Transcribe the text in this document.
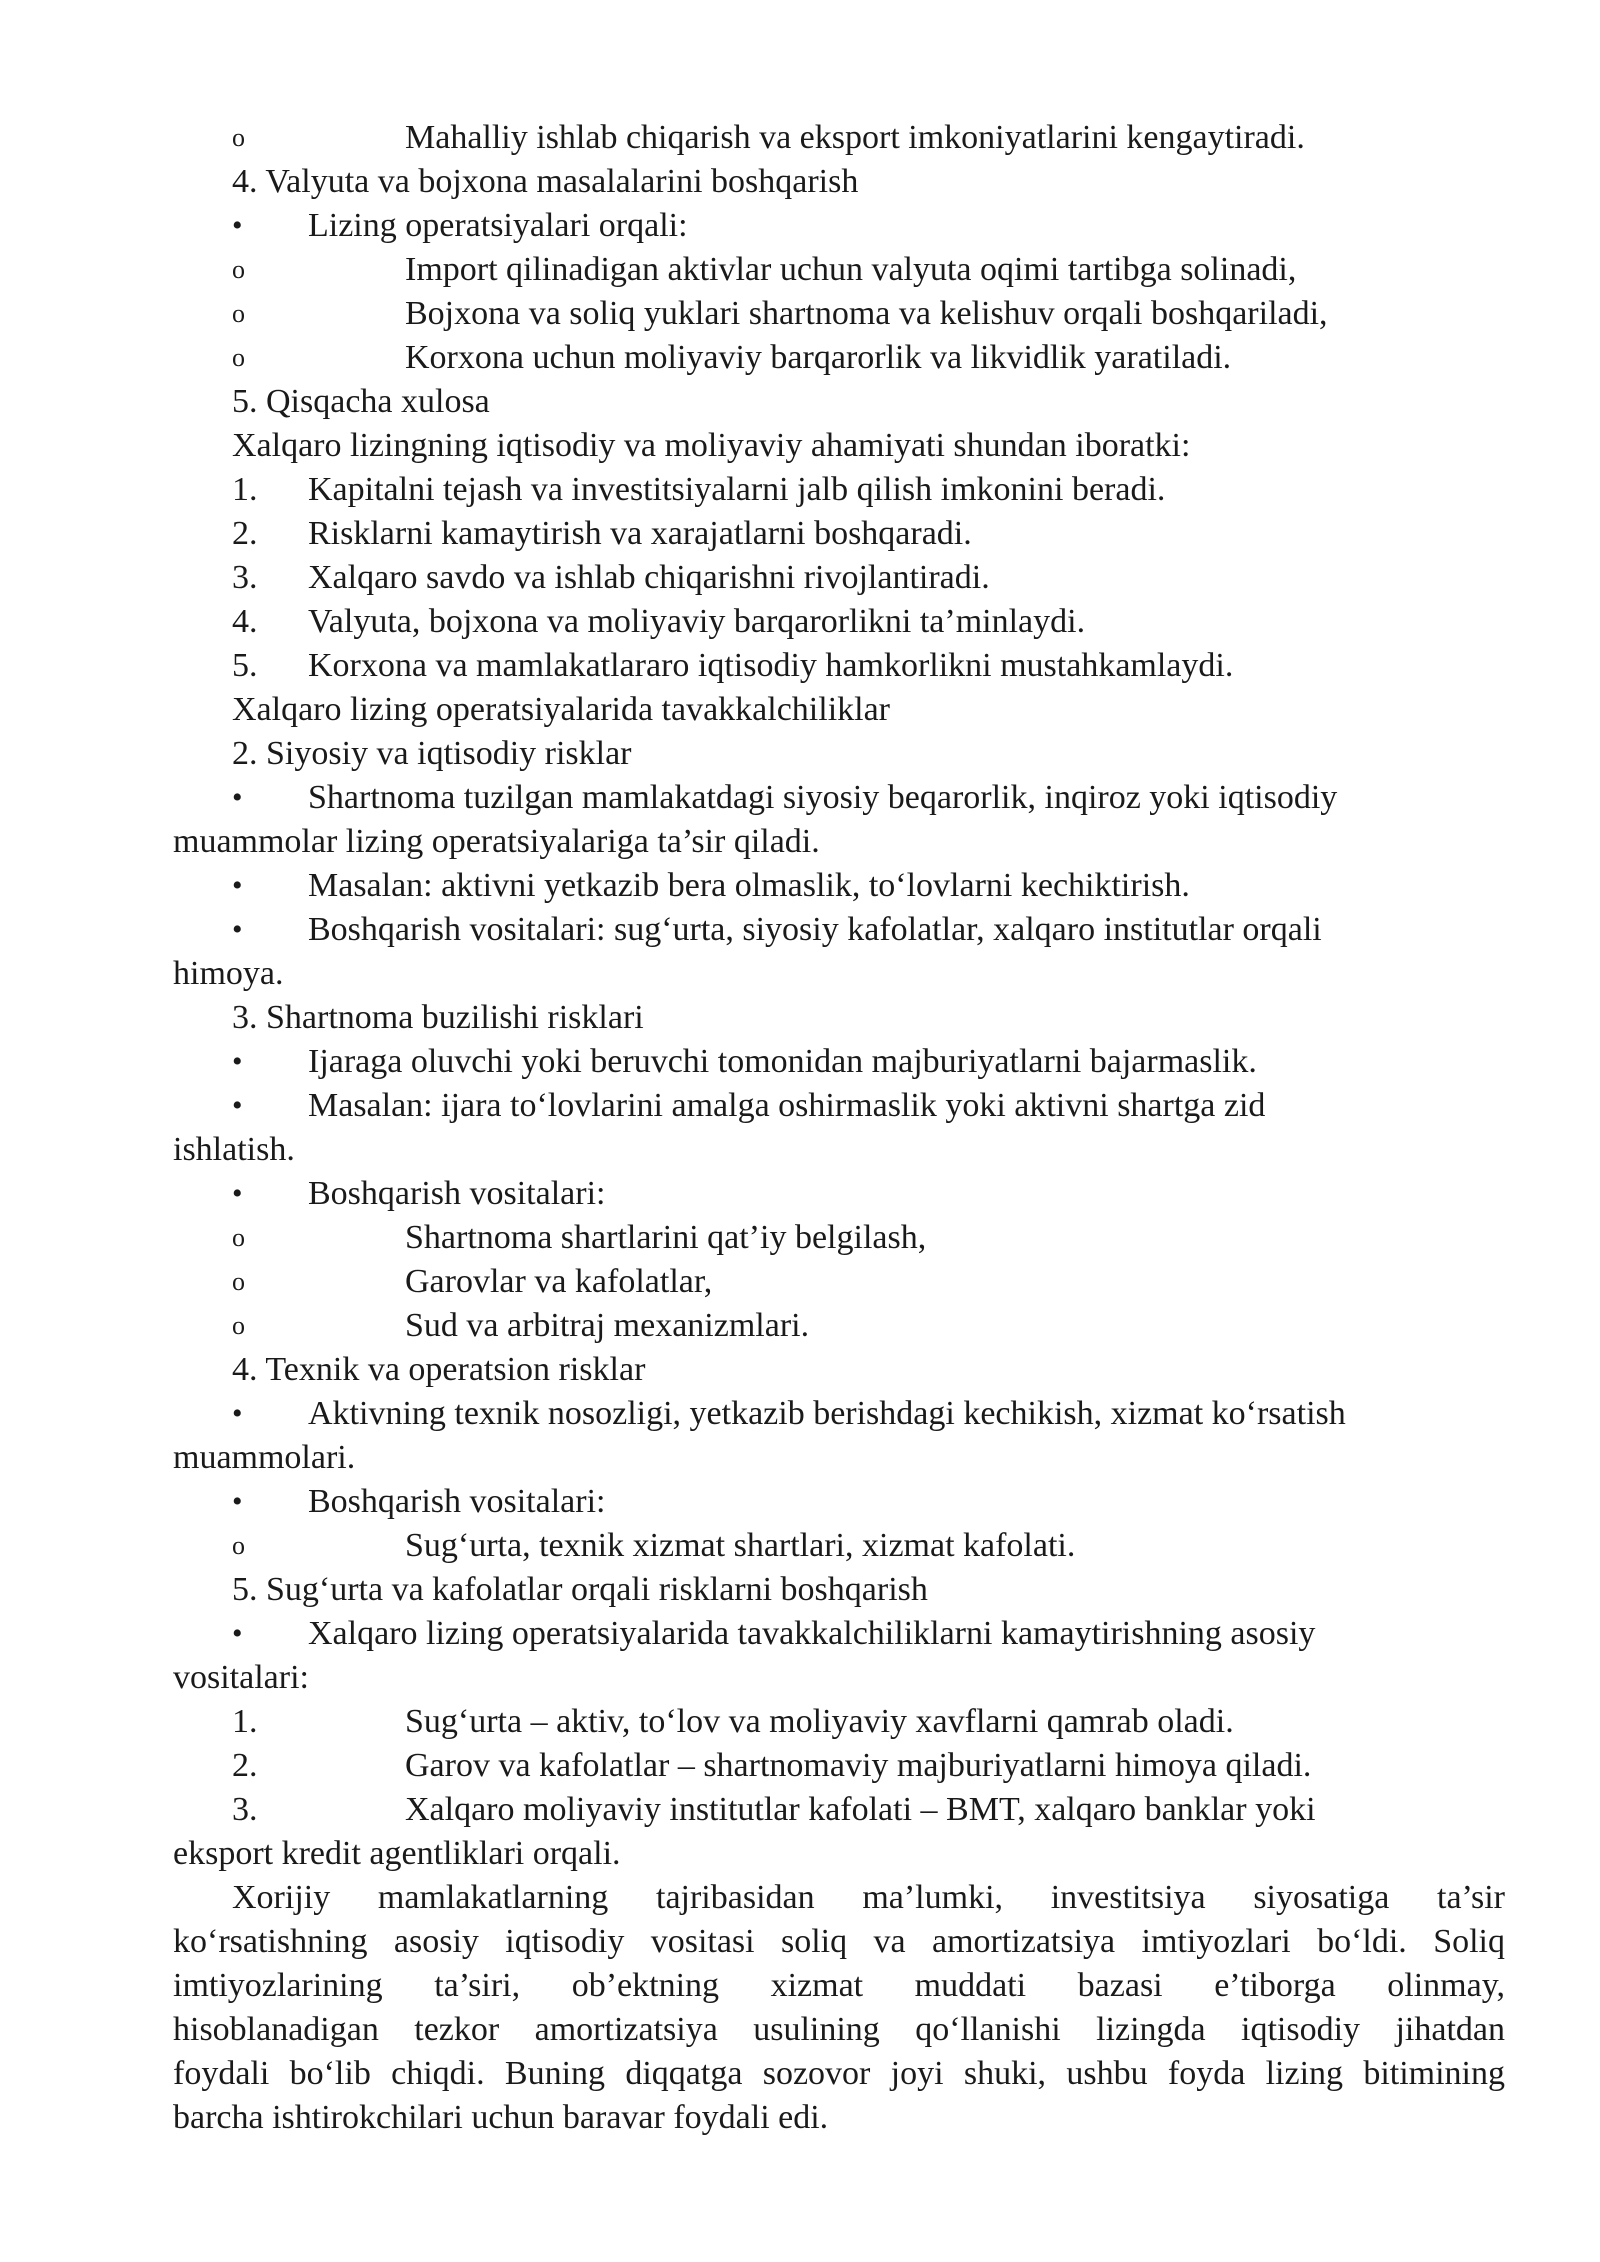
o	Mahalliy ishlab chiqarish va eksport imkoniyatlarini kengaytiradi.
4. Valyuta va bojxona masalalarini boshqarish
• Lizing operatsiyalari orqali:
o	Import qilinadigan aktivlar uchun valyuta oqimi tartibga solinadi,
o	Bojxona va soliq yuklari shartnoma va kelishuv orqali boshqariladi,
o	Korxona uchun moliyaviy barqarorlik va likvidlik yaratiladi.
5. Qisqacha xulosa
Xalqaro lizingning iqtisodiy va moliyaviy ahamiyati shundan iboratki:
1. Kapitalni tejash va investitsiyalarni jalb qilish imkonini beradi.
2. Risklarni kamaytirish va xarajatlarni boshqaradi.
3. Xalqaro savdo va ishlab chiqarishni rivojlantiradi.
4. Valyuta, bojxona va moliyaviy barqarorlikni ta’minlaydi.
5. Korxona va mamlakatlararo iqtisodiy hamkorlikni mustahkamlaydi.
Xalqaro lizing operatsiyalarida tavakkalchiliklar
2. Siyosiy va iqtisodiy risklar
• Shartnoma tuzilgan mamlakatdagi siyosiy beqarorlik, inqiroz yoki iqtisodiy
muammolar lizing operatsiyalariga ta’sir qiladi.
• Masalan: aktivni yetkazib bera olmaslik, to‘lovlarni kechiktirish.
• Boshqarish vositalari: sug‘urta, siyosiy kafolatlar, xalqaro institutlar orqali
himoya.
3. Shartnoma buzilishi risklari
• Ijaraga oluvchi yoki beruvchi tomonidan majburiyatlarni bajarmaslik.
• Masalan: ijara to‘lovlarini amalga oshirmaslik yoki aktivni shartga zid
ishlatish.
• Boshqarish vositalari:
o	Shartnoma shartlarini qat’iy belgilash,
o	Garovlar va kafolatlar,
o	Sud va arbitraj mexanizmlari.
4. Texnik va operatsion risklar
• Aktivning texnik nosozligi, yetkazib berishdagi kechikish, xizmat ko‘rsatish
muammolari.
• Boshqarish vositalari:
o	Sug‘urta, texnik xizmat shartlari, xizmat kafolati.
5. Sug‘urta va kafolatlar orqali risklarni boshqarish
• Xalqaro lizing operatsiyalarida tavakkalchiliklarni kamaytirishning asosiy
vositalari:
1.	Sug‘urta – aktiv, to‘lov va moliyaviy xavflarni qamrab oladi.
2.	Garov va kafolatlar – shartnomaviy majburiyatlarni himoya qiladi.
3.	Xalqaro moliyaviy institutlar kafolati – BMT, xalqaro banklar yoki
eksport kredit agentliklari orqali.
Xorijiy mamlakatlarning tajribasidan ma’lumki, investitsiya siyosatiga ta’sir
ko‘rsatishning asosiy iqtisodiy vositasi soliq va amortizatsiya imtiyozlari bo‘ldi. Soliq
imtiyozlarining ta’siri, ob’ektning xizmat muddati bazasi e’tiborga olinmay,
hisoblanadigan tezkor amortizatsiya usulining qo‘llanishi lizingda iqtisodiy jihatdan
foydali bo‘lib chiqdi. Buning diqqatga sozovor joyi shuki, ushbu foyda lizing bitimining
barcha ishtirokchilari uchun baravar foydali edi.
